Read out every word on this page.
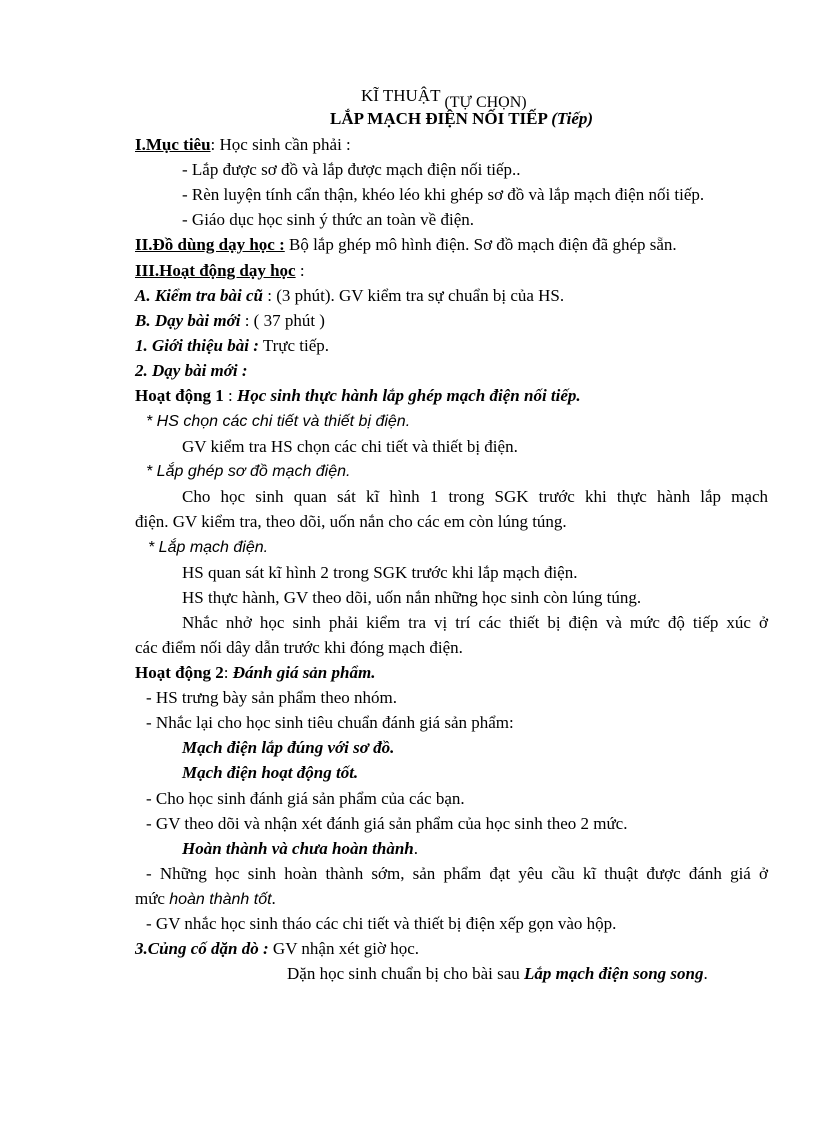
KĨ THUẬT (TỰ CHỌN)
LẮP MẠCH ĐIỆN NỐI TIẾP (Tiếp)
I.Mục tiêu: Học sinh cần phải :
- Lắp được sơ đồ và lắp được mạch điện nối tiếp..
- Rèn luyện tính cẩn thận, khéo léo khi ghép sơ đồ và lắp mạch điện nối tiếp.
- Giáo dục học sinh ý thức an toàn về điện.
II.Đồ dùng dạy học : Bộ lắp ghép mô hình điện. Sơ đồ mạch điện đã ghép sẵn.
III.Hoạt động dạy học :
A. Kiểm tra bài cũ : (3 phút). GV kiểm tra sự chuẩn bị của HS.
B. Dạy bài mới : ( 37 phút )
1. Giới thiệu bài : Trực tiếp.
2. Dạy bài mới :
Hoạt động 1 : Học sinh thực hành lắp ghép mạch điện nối tiếp.
* HS chọn các chi tiết và thiết bị điện.
GV kiểm tra HS chọn các chi tiết và thiết bị điện.
* Lắp ghép sơ đồ mạch điện.
Cho học sinh quan sát kĩ hình 1 trong SGK trước khi thực hành lắp mạch
điện. GV kiểm tra, theo dõi, uốn nắn cho các em còn lúng túng.
* Lắp mạch điện.
HS quan sát kĩ hình 2 trong SGK trước khi lắp mạch điện.
HS thực hành, GV theo dõi, uốn nắn những học sinh còn lúng túng.
Nhắc nhở học sinh phải kiểm tra vị trí các thiết bị điện và mức độ tiếp xúc ở
các điểm nối dây dẫn trước khi đóng mạch điện.
Hoạt động 2: Đánh giá sản phẩm.
- HS trưng bày sản phẩm theo nhóm.
- Nhắc lại cho học sinh tiêu chuẩn đánh giá sản phẩm:
Mạch điện lắp đúng với sơ đồ.
Mạch điện hoạt động tốt.
- Cho học sinh đánh giá sản phẩm của các bạn.
- GV theo dõi và nhận xét đánh giá sản phẩm của học sinh theo 2 mức.
Hoàn thành và chưa hoàn thành.
- Những học sinh hoàn thành sớm, sản phẩm đạt yêu cầu kĩ thuật được đánh giá ở
mức hoàn thành tốt.
- GV nhắc học sinh tháo các chi tiết và thiết bị điện xếp gọn vào hộp.
3.Củng cố dặn dò : GV nhận xét giờ học.
Dặn học sinh chuẩn bị cho bài sau Lắp mạch điện song song.
